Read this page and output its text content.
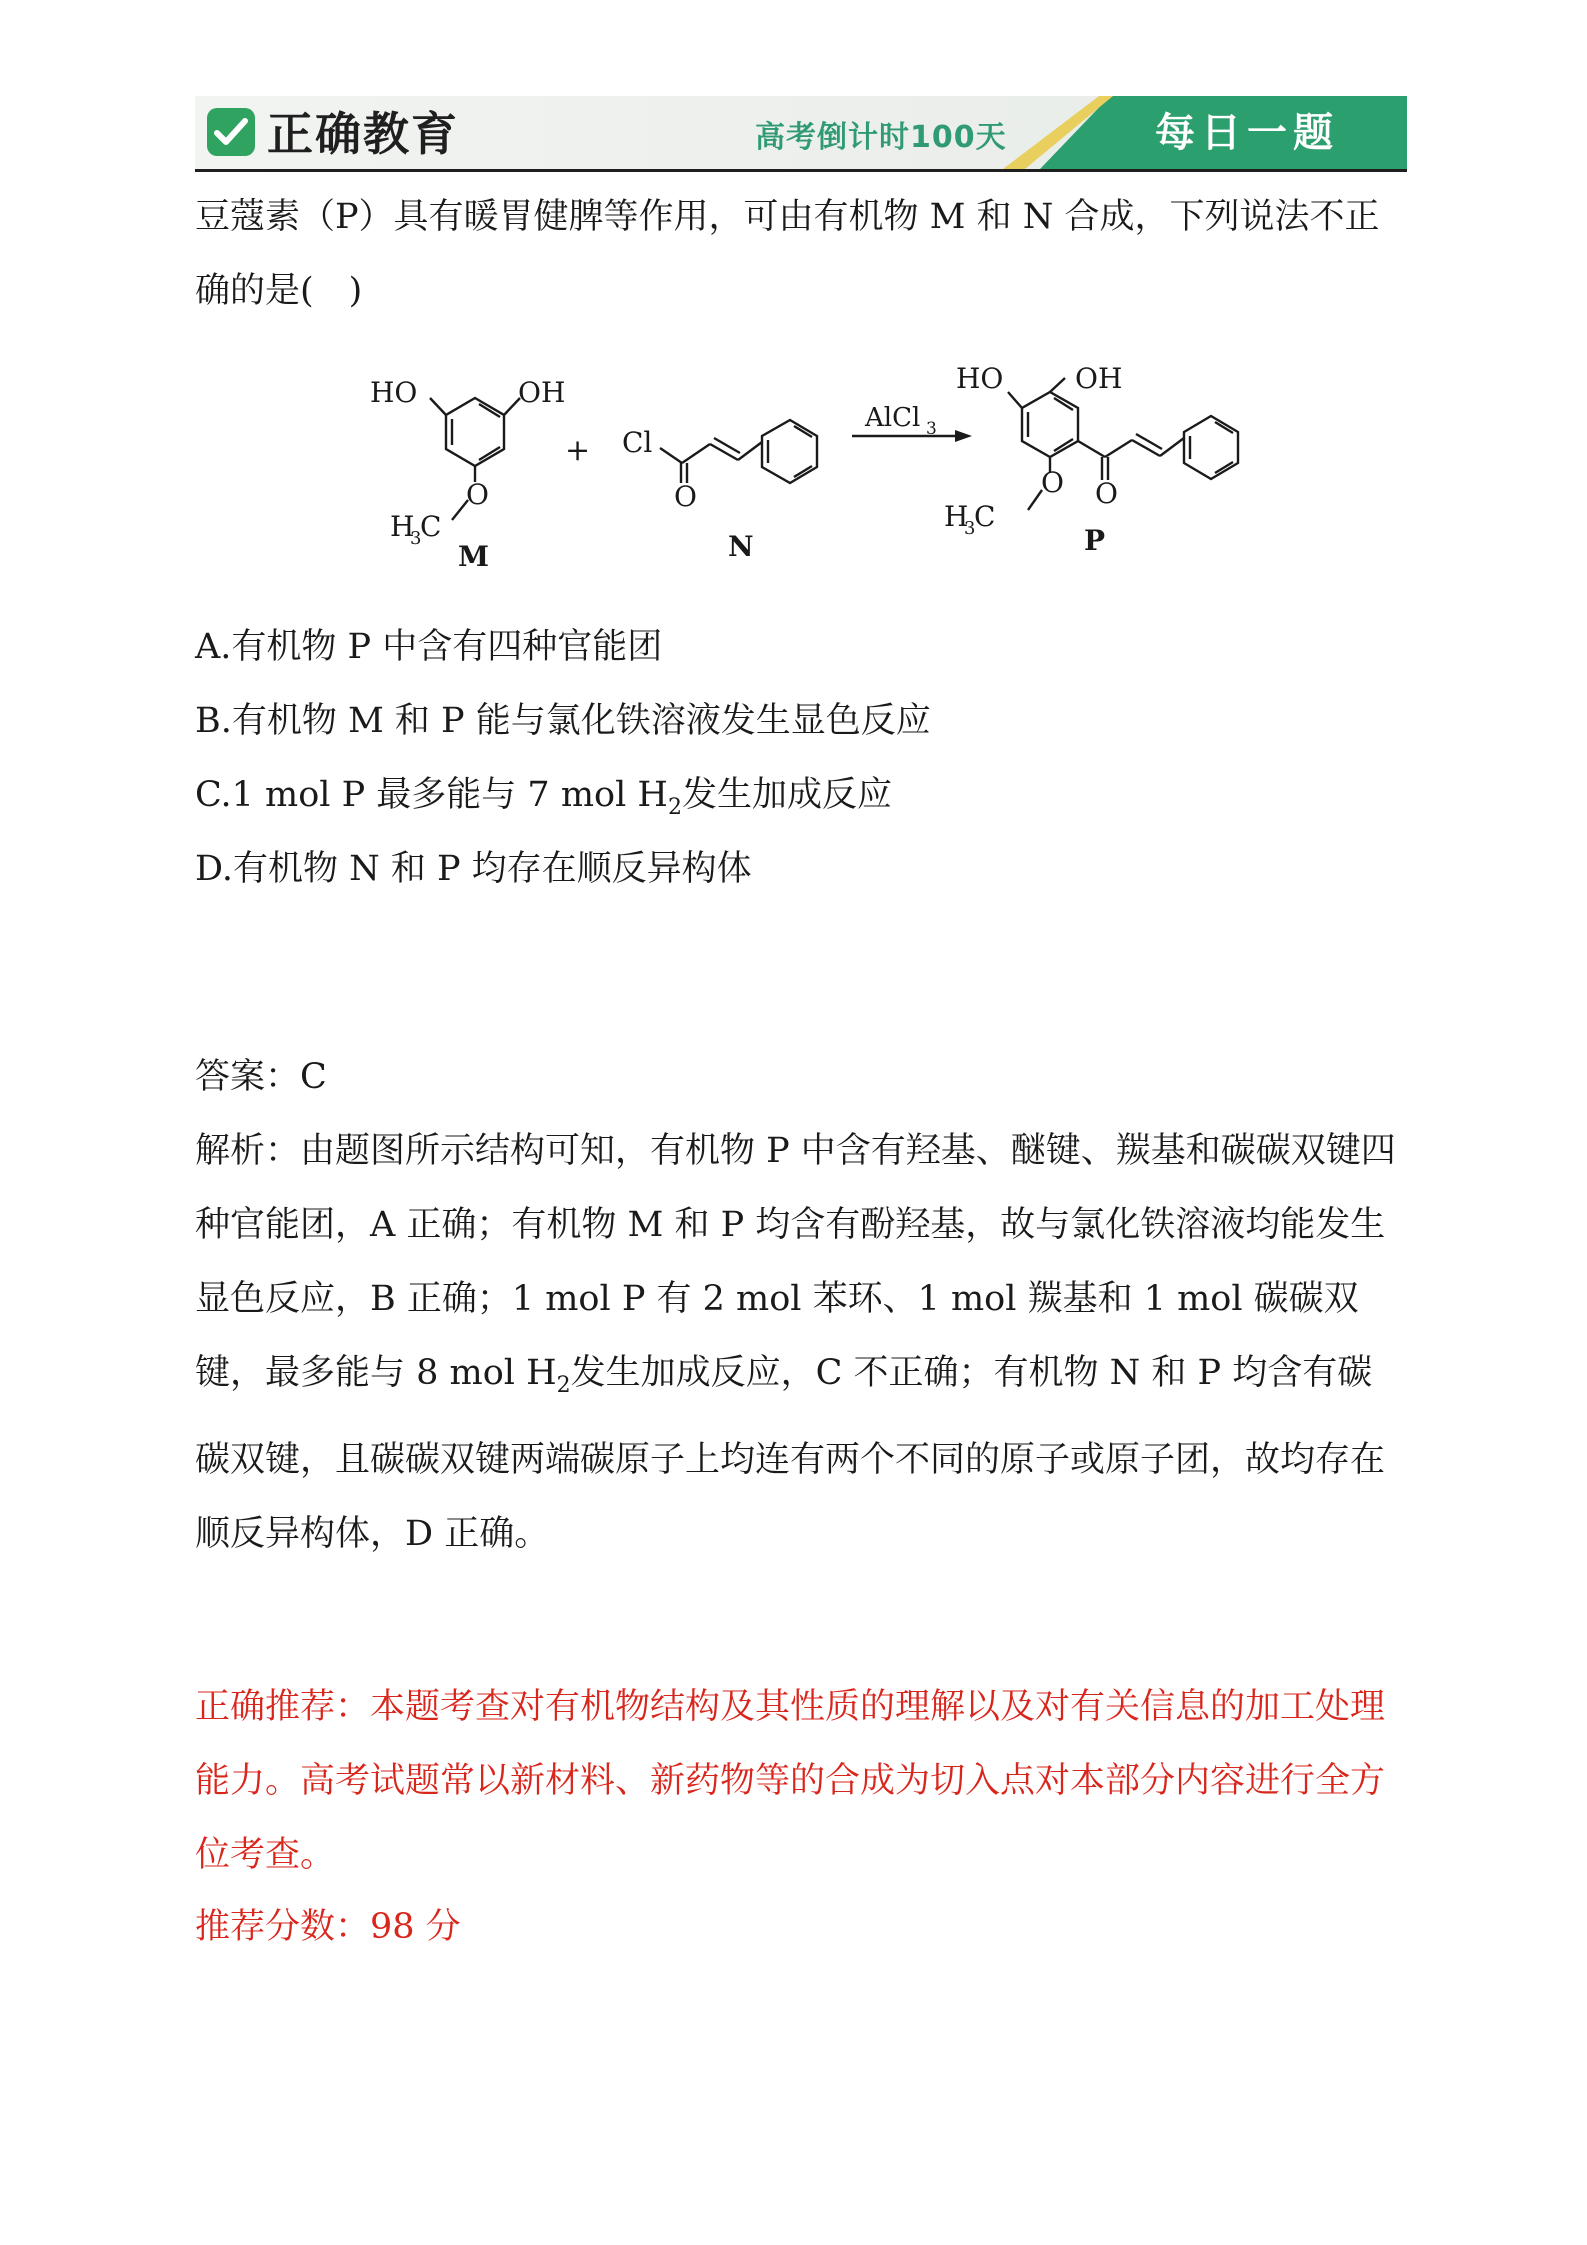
正确教育	高考倒计时100天	每日一题
豆蔻素（P）具有暖胃健脾等作用，可由有机物 M 和 N 合成，下列说法不正确的是(　)
HO	OH
O
H
3
C
M
+ Cl
O
N
AlCl 3
HO	OH
O O
H
3
C
P
A.有机物 P 中含有四种官能团
B.有机物 M 和 P 能与氯化铁溶液发生显色反应
C.1 mol P 最多能与 7 mol $H_2$发生加成反应
D.有机物 N 和 P 均存在顺反异构体
答案：C
解析：由题图所示结构可知，有机物 P 中含有羟基、醚键、羰基和碳碳双键四种官能团，A 正确；有机物 M 和 P 均含有酚羟基，故与氯化铁溶液均能发生显色反应，B 正确；1 mol P 有 2 mol 苯环、1 mol 羰基和 1 mol 碳碳双键，最多能与 8 mol $H_2$发生加成反应，C 不正确；有机物 N 和 P 均含有碳碳双键，且碳碳双键两端碳原子上均连有两个不同的原子或原子团，故均存在顺反异构体，D 正确。
正确推荐：本题考查对有机物结构及其性质的理解以及对有关信息的加工处理能力。高考试题常以新材料、新药物等的合成为切入点对本部分内容进行全方位考查。
推荐分数：98 分
